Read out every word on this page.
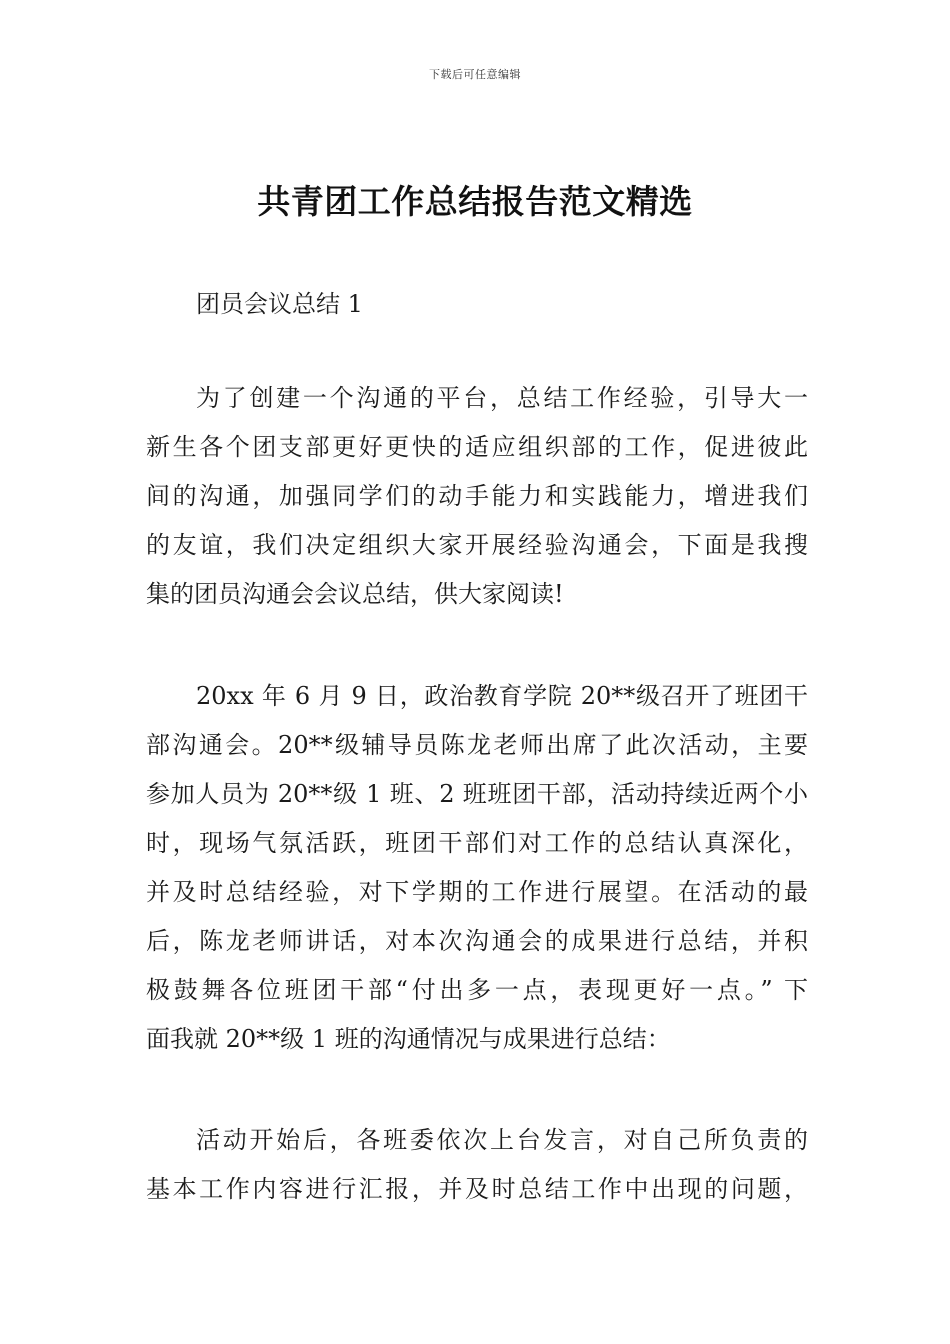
下载后可任意编辑
共青团工作总结报告范文精选
团员会议总结 1

为了创建一个沟通的平台，总结工作经验，引导大一
新生各个团支部更好更快的适应组织部的工作，促进彼此
间的沟通，加强同学们的动手能力和实践能力，增进我们
的友谊，我们决定组织大家开展经验沟通会，下面是我搜
集的团员沟通会会议总结，供大家阅读!

20xx 年 6 月 9 日，政治教育学院 20**级召开了班团干
部沟通会。20**级辅导员陈龙老师出席了此次活动，主要
参加人员为 20**级 1 班、2 班班团干部，活动持续近两个小
时，现场气氛活跃，班团干部们对工作的总结认真深化，
并及时总结经验，对下学期的工作进行展望。在活动的最
后，陈龙老师讲话，对本次沟通会的成果进行总结，并积
极鼓舞各位班团干部“付出多一点，表现更好一点。” 下
面我就 20**级 1 班的沟通情况与成果进行总结：

活动开始后，各班委依次上台发言，对自己所负责的
基本工作内容进行汇报，并及时总结工作中出现的问题，
